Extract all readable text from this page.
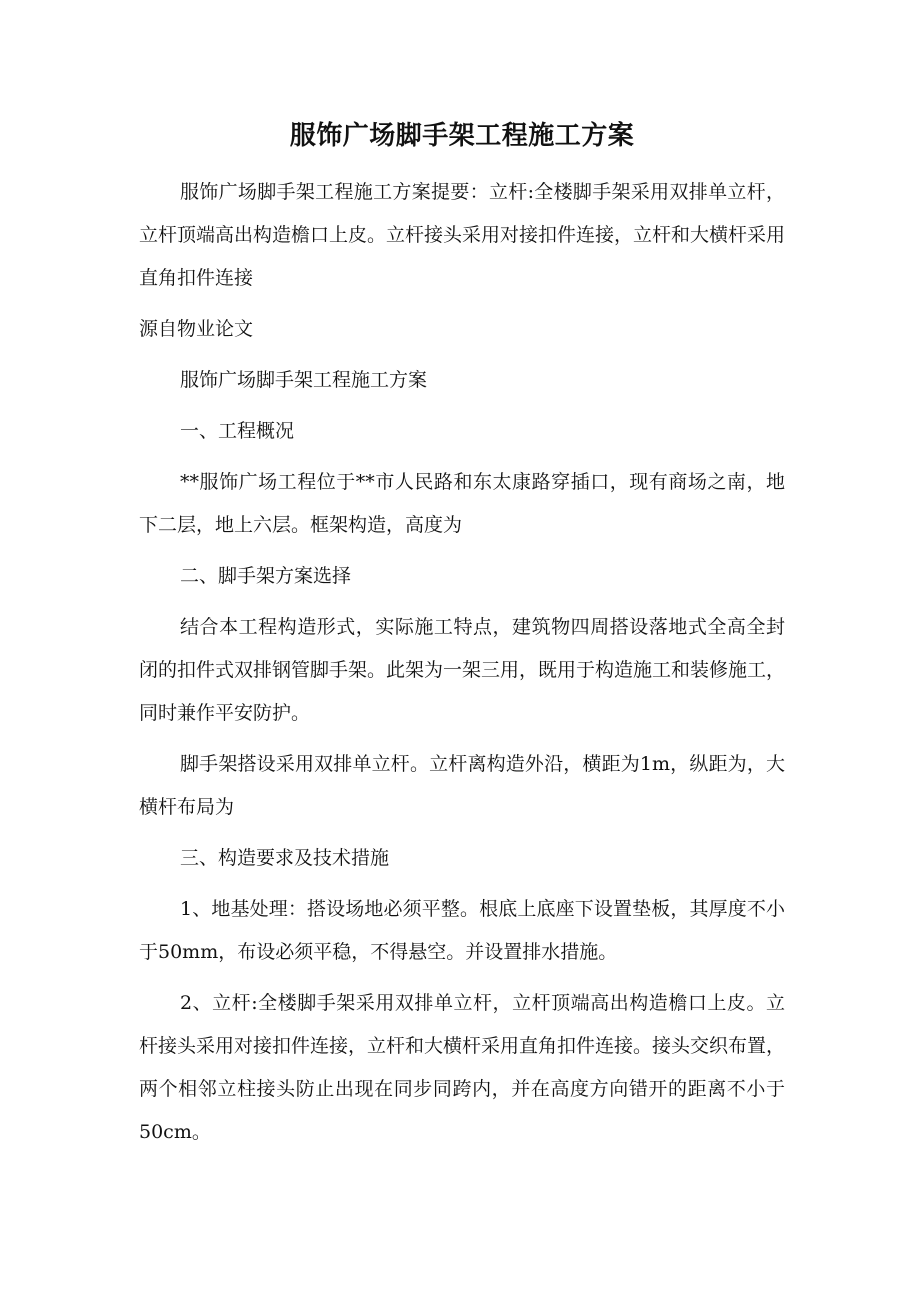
服饰广场脚手架工程施工方案

服饰广场脚手架工程施工方案提要：立杆:全楼脚手架采用双排单立杆，立杆顶端高出构造檐口上皮。立杆接头采用对接扣件连接，立杆和大横杆采用直角扣件连接

源自物业论文

服饰广场脚手架工程施工方案

一、工程概况

**服饰广场工程位于**市人民路和东太康路穿插口，现有商场之南，地下二层，地上六层。框架构造，高度为

二、脚手架方案选择

结合本工程构造形式，实际施工特点，建筑物四周搭设落地式全高全封闭的扣件式双排钢管脚手架。此架为一架三用，既用于构造施工和装修施工，同时兼作平安防护。

脚手架搭设采用双排单立杆。立杆离构造外沿，横距为1m，纵距为，大横杆布局为

三、构造要求及技术措施

1、地基处理：搭设场地必须平整。根底上底座下设置垫板，其厚度不小于50mm，布设必须平稳，不得悬空。并设置排水措施。

2、立杆:全楼脚手架采用双排单立杆，立杆顶端高出构造檐口上皮。立杆接头采用对接扣件连接，立杆和大横杆采用直角扣件连接。接头交织布置，两个相邻立柱接头防止出现在同步同跨内，并在高度方向错开的距离不小于50cm。
